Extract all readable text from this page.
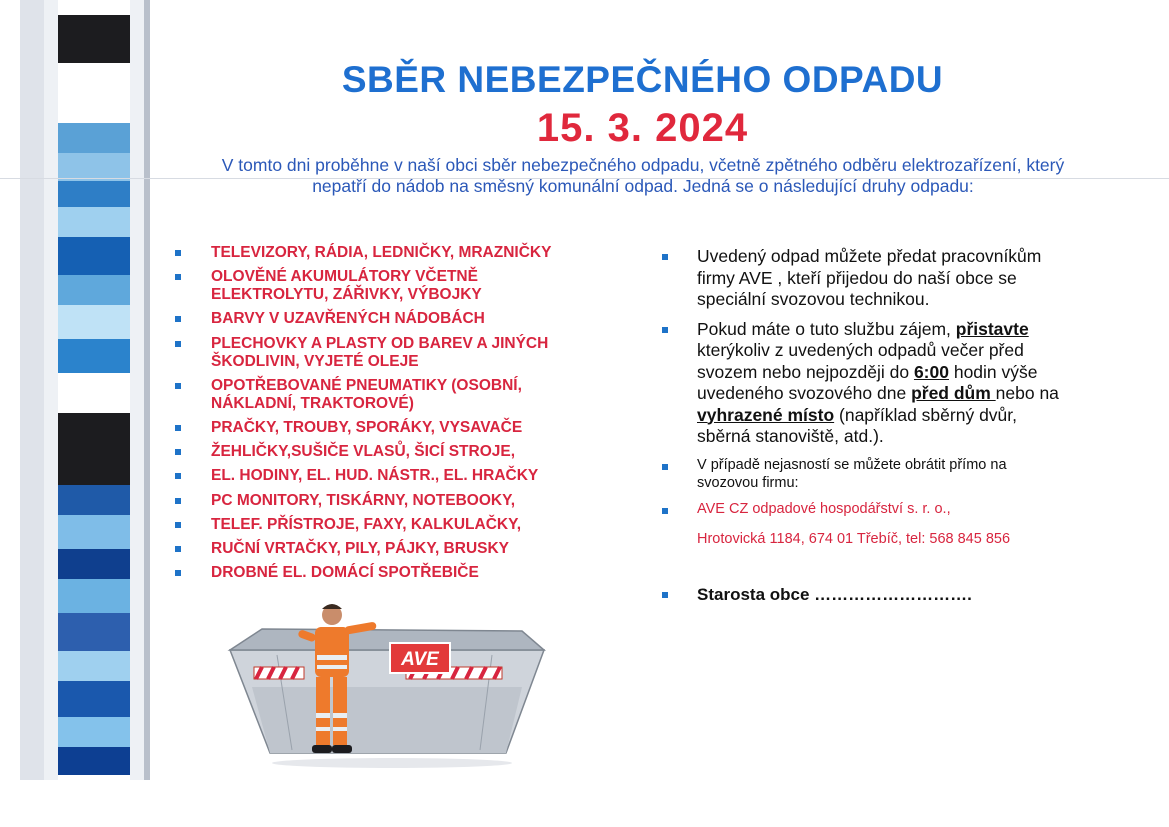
SBĚR NEBEZPEČNÉHO ODPADU
15. 3. 2024
V tomto dni proběhne v naší obci sběr nebezpečného odpadu, včetně zpětného odběru elektrozařízení, který
nepatří do nádob na směsný komunální odpad. Jedná se o následující druhy odpadu:
TELEVIZORY, RÁDIA, LEDNIČKY, MRAZNIČKY
OLOVĚNÉ AKUMULÁTORY VČETNĚ
ELEKTROLYTU, ZÁŘIVKY, VÝBOJKY
BARVY V UZAVŘENÝCH NÁDOBÁCH
PLECHOVKY A PLASTY OD BAREV A JINÝCH
ŠKODLIVIN, VYJETÉ OLEJE
OPOTŘEBOVANÉ PNEUMATIKY (OSOBNÍ,
NÁKLADNÍ, TRAKTOROVÉ)
PRAČKY, TROUBY, SPORÁKY, VYSAVAČE
ŽEHLIČKY,SUŠIČE VLASŮ, ŠICÍ STROJE,
EL. HODINY, EL. HUD. NÁSTR., EL. HRAČKY
PC MONITORY, TISKÁRNY, NOTEBOOKY,
TELEF. PŘÍSTROJE, FAXY, KALKULAČKY,
RUČNÍ VRTAČKY, PILY, PÁJKY, BRUSKY
DROBNÉ EL. DOMÁCÍ SPOTŘEBIČE
Uvedený odpad můžete předat pracovníkům
firmy AVE , kteří přijedou do naší obce se
speciální svozovou technikou.
Pokud máte o tuto službu zájem, přistavte
kterýkoliv z uvedených odpadů večer před
svozem nebo nejpozději do 6:00 hodin výše
uvedeného svozového dne před dům nebo na
vyhrazené místo (například sběrný dvůr,
sběrná stanoviště, atd.).
V případě nejasností se můžete obrátit přímo na
svozovou firmu:
AVE CZ odpadové hospodářství s. r. o.,
Hrotovická 1184, 674 01 Třebíč, tel: 568 845 856
Starosta obce ……………………….
AVE
